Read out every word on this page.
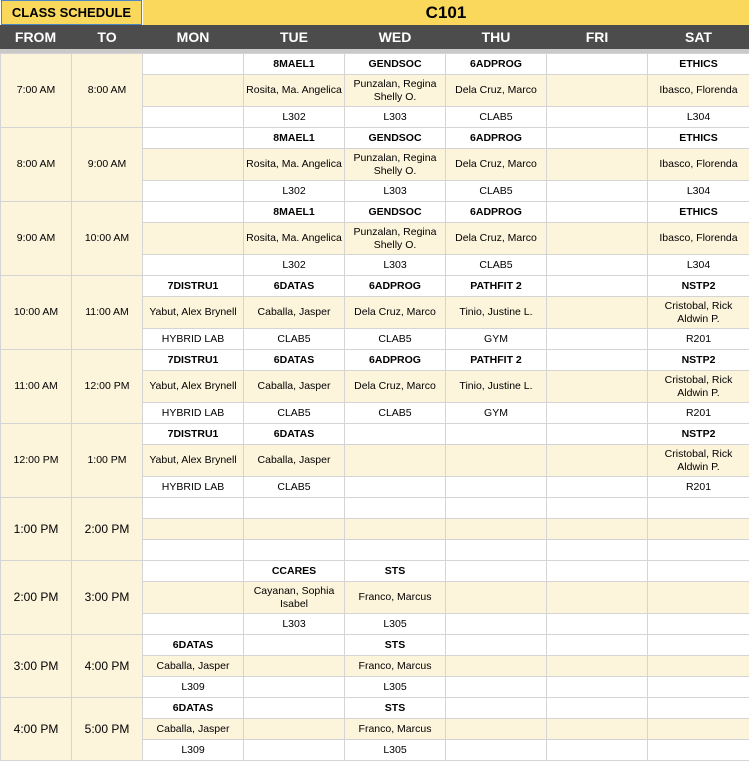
CLASS SCHEDULE	C101
FROM	TO	MON	TUE	WED	THU	FRI	SAT
7:00 AM	8:00 AM		8MAEL1	GENDSOC	6ADPROG		ETHICS
			Rosita, Ma. Angelica	Punzalan, Regina Shelly O.	Dela Cruz, Marco		Ibasco, Florenda
			L302	L303	CLAB5		L304
8:00 AM	9:00 AM		8MAEL1	GENDSOC	6ADPROG		ETHICS
			Rosita, Ma. Angelica	Punzalan, Regina Shelly O.	Dela Cruz, Marco		Ibasco, Florenda
			L302	L303	CLAB5		L304
9:00 AM	10:00 AM		8MAEL1	GENDSOC	6ADPROG		ETHICS
			Rosita, Ma. Angelica	Punzalan, Regina Shelly O.	Dela Cruz, Marco		Ibasco, Florenda
			L302	L303	CLAB5		L304
10:00 AM	11:00 AM	7DISTRU1	6DATAS	6ADPROG	PATHFIT 2		NSTP2
		Yabut, Alex Brynell	Caballa, Jasper	Dela Cruz, Marco	Tinio, Justine L.		Cristobal, Rick Aldwin P.
		HYBRID LAB	CLAB5	CLAB5	GYM		R201
11:00 AM	12:00 PM	7DISTRU1	6DATAS	6ADPROG	PATHFIT 2		NSTP2
		Yabut, Alex Brynell	Caballa, Jasper	Dela Cruz, Marco	Tinio, Justine L.		Cristobal, Rick Aldwin P.
		HYBRID LAB	CLAB5	CLAB5	GYM		R201
12:00 PM	1:00 PM	7DISTRU1	6DATAS				NSTP2
		Yabut, Alex Brynell	Caballa, Jasper				Cristobal, Rick Aldwin P.
		HYBRID LAB	CLAB5				R201
1:00 PM	2:00 PM						

2:00 PM	3:00 PM		CCARES	STS			
			Cayanan, Sophia Isabel	Franco, Marcus			
			L303	L305			
3:00 PM	4:00 PM	6DATAS		STS			
		Caballa, Jasper		Franco, Marcus			
		L309		L305			
4:00 PM	5:00 PM	6DATAS		STS			
		Caballa, Jasper		Franco, Marcus			
		L309		L305			
